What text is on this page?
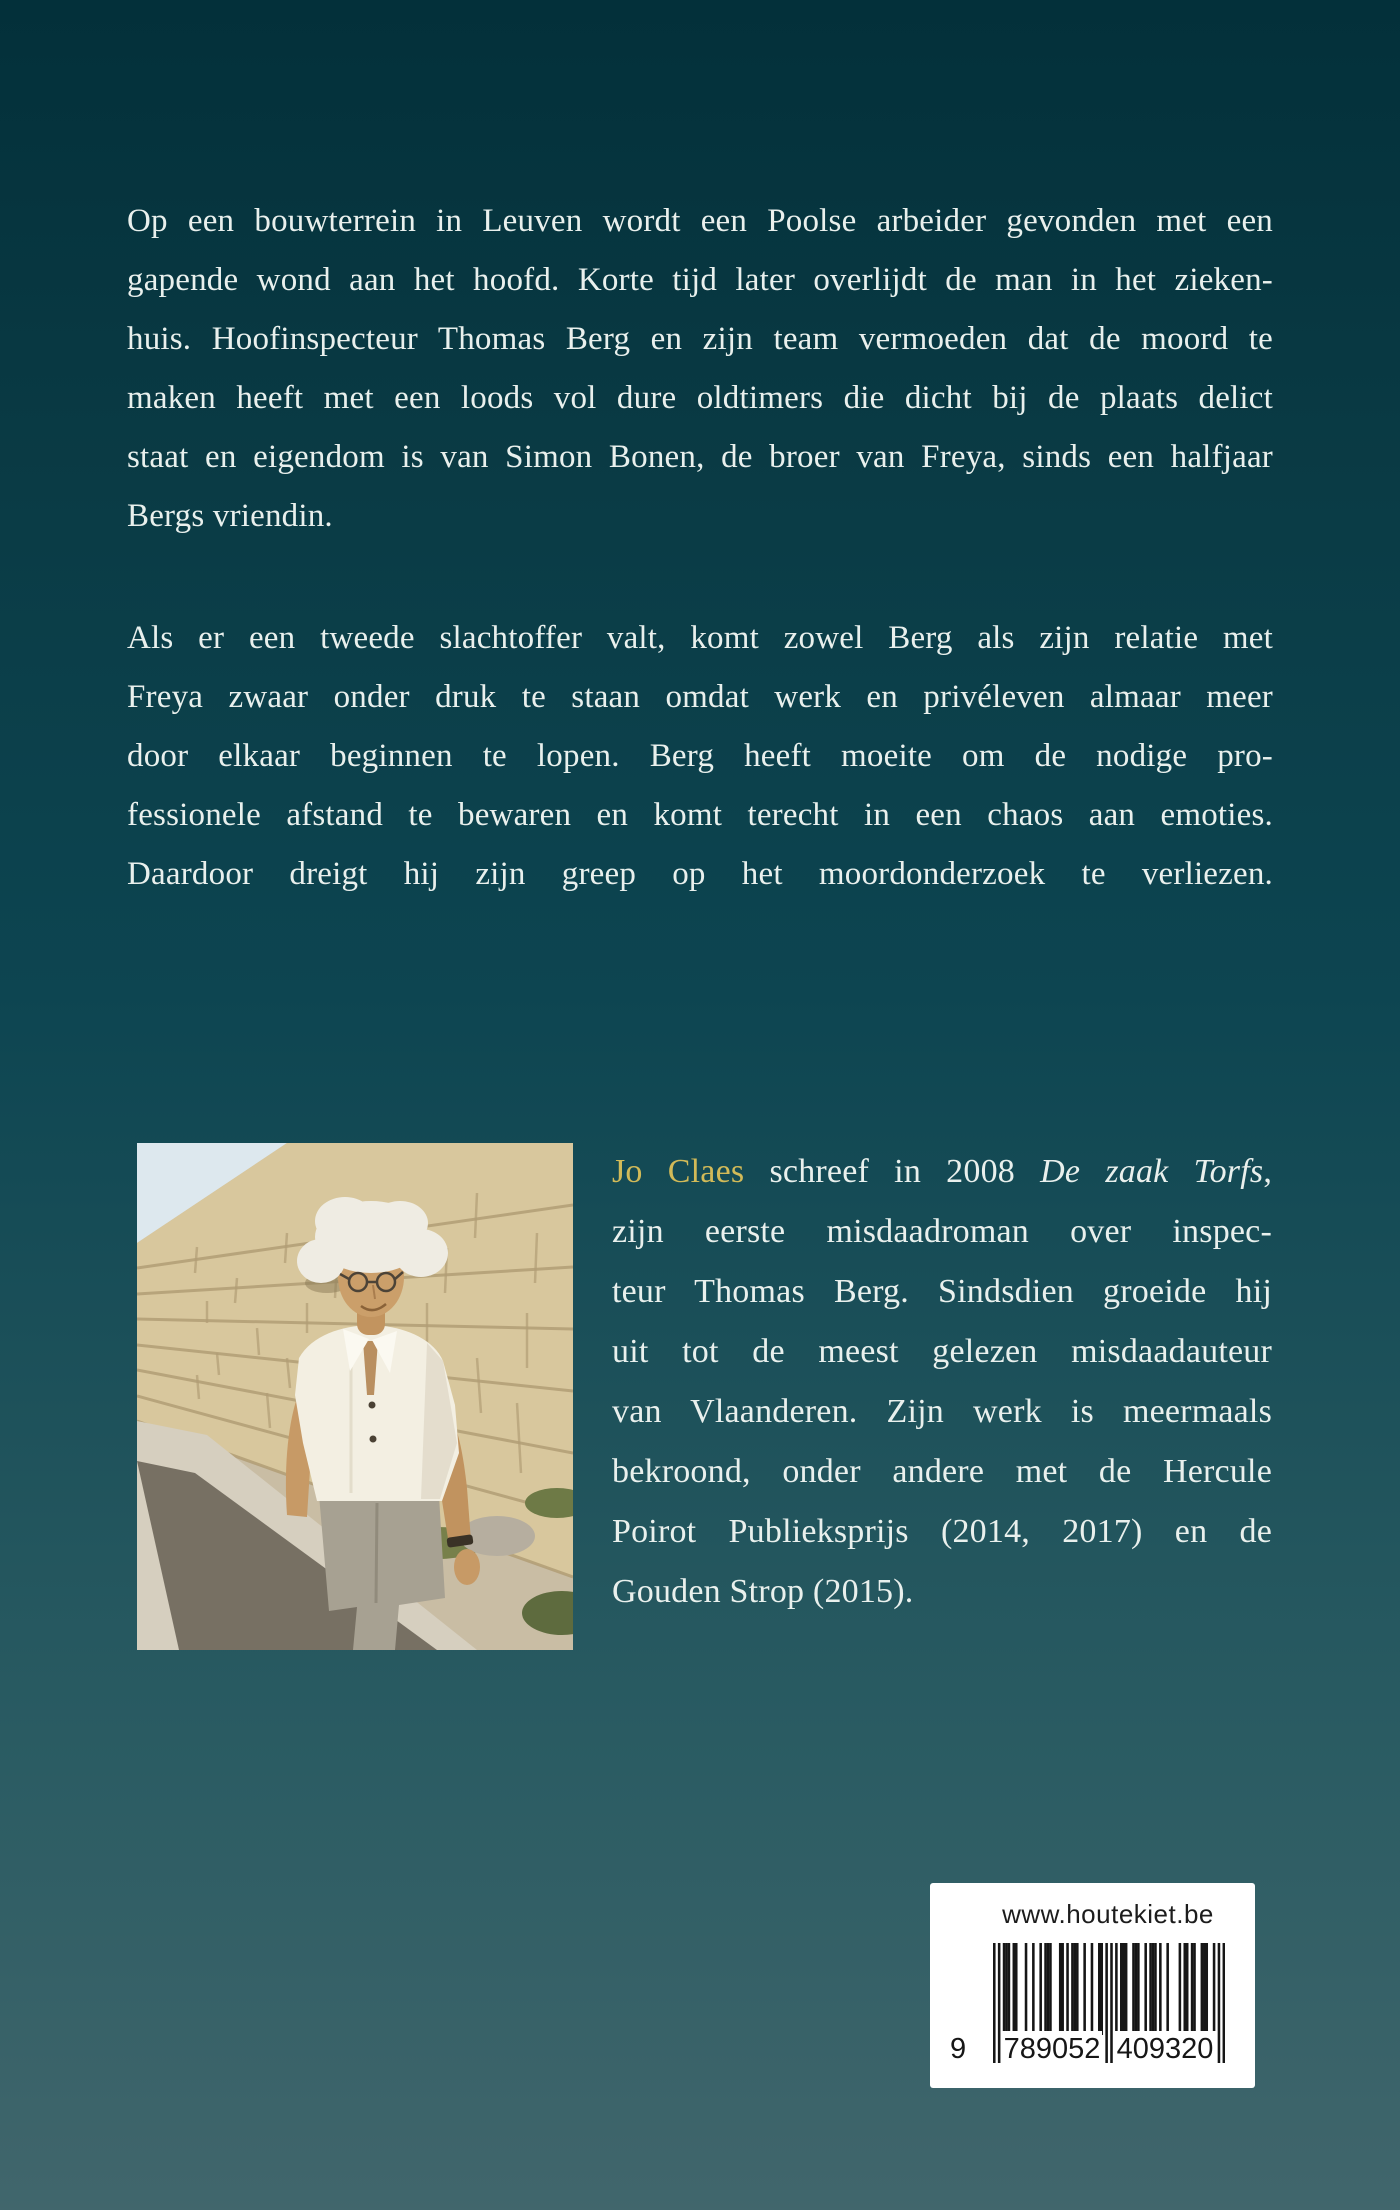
Op een bouwterrein in Leuven wordt een Poolse arbeider gevonden met een
gapende wond aan het hoofd. Korte tijd later overlijdt de man in het zieken-
huis. Hoofinspecteur Thomas Berg en zijn team vermoeden dat de moord te
maken heeft met een loods vol dure oldtimers die dicht bij de plaats delict
staat en eigendom is van Simon Bonen, de broer van Freya, sinds een halfjaar
Bergs vriendin.
Als er een tweede slachtoffer valt, komt zowel Berg als zijn relatie met
Freya zwaar onder druk te staan omdat werk en privéleven almaar meer
door elkaar beginnen te lopen. Berg heeft moeite om de nodige pro-
fessionele afstand te bewaren en komt terecht in een chaos aan emoties.
Daardoor dreigt hij zijn greep op het moordonderzoek te verliezen.
Jo Claes schreef in 2008 De zaak Torfs,
zijn eerste misdaadroman over inspec-
teur Thomas Berg. Sindsdien groeide hij
uit tot de meest gelezen misdaadauteur
van Vlaanderen. Zijn werk is meermaals
bekroond, onder andere met de Hercule
Poirot Publieksprijs (2014, 2017) en de
Gouden Strop (2015).
www.houtekiet.be
9	789052 409320
